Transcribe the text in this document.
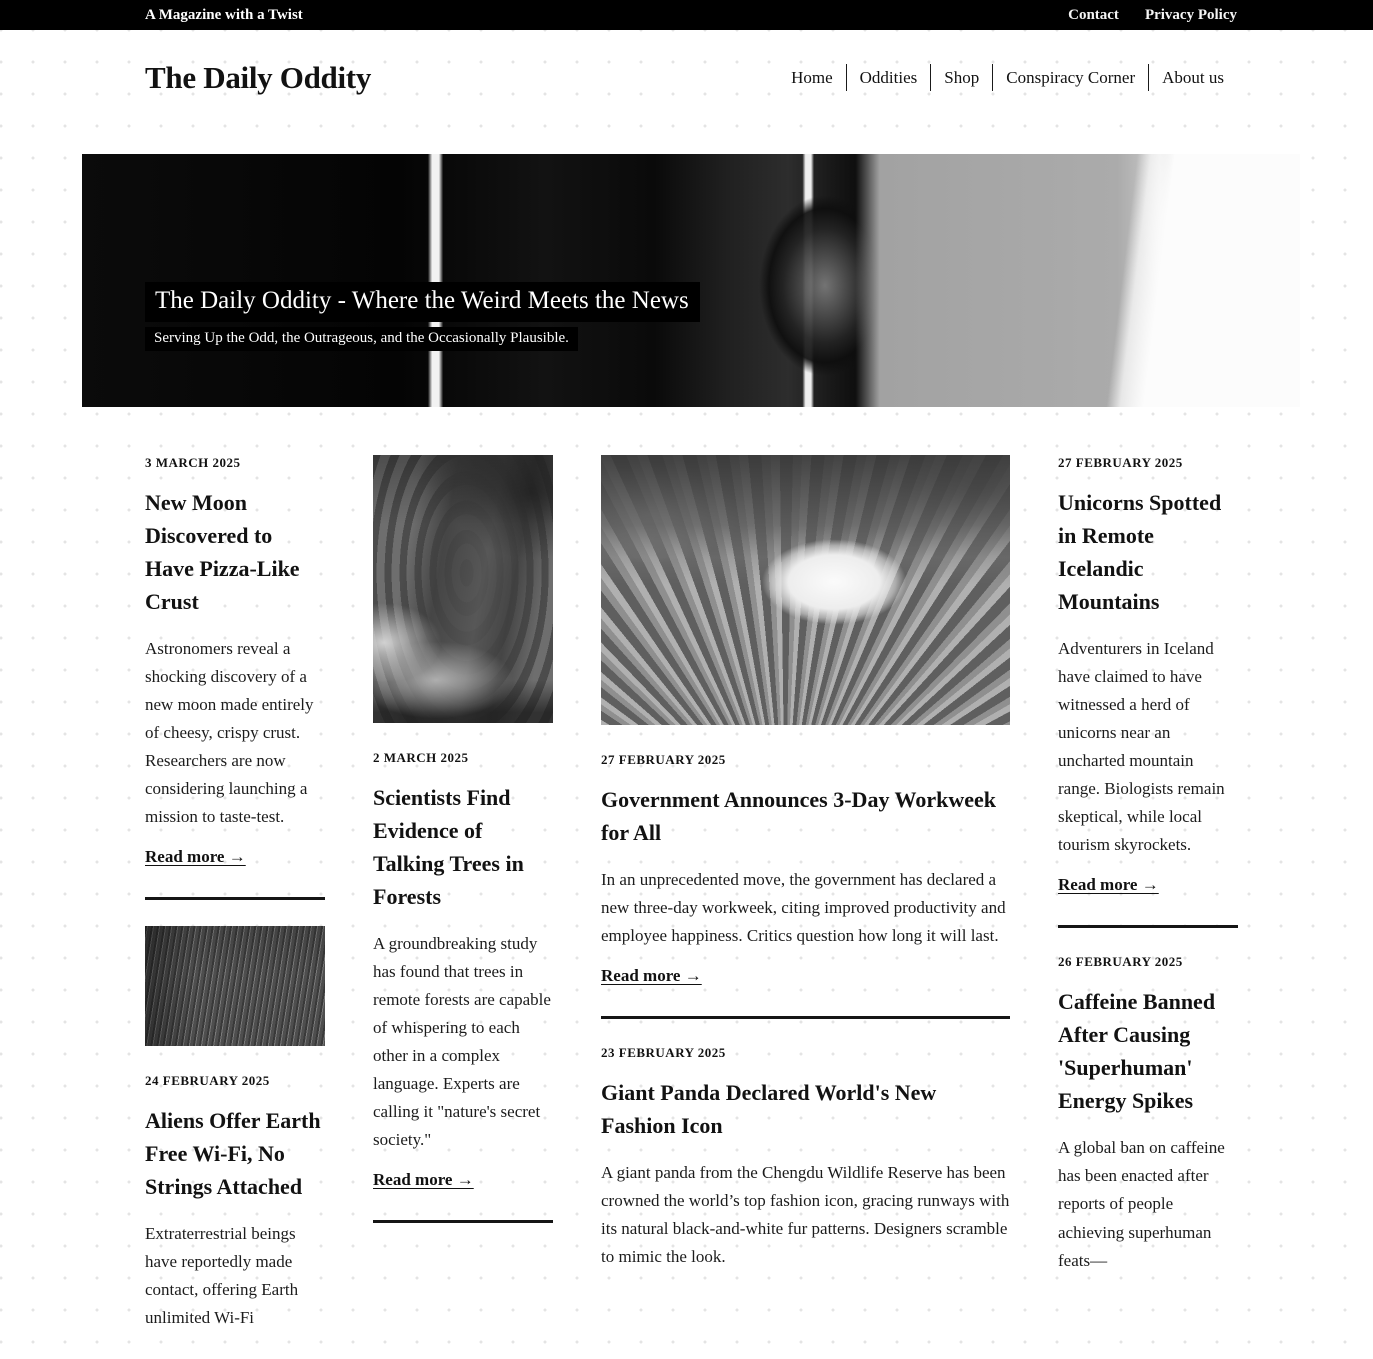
A Magazine with a Twist	Contact Privacy Policy
The Daily Oddity	Home	Oddities	Shop	Conspiracy Corner	About us
The Daily Oddity - Where the Weird Meets the News

Serving Up the Odd, the Outrageous, and the Occasionally Plausible.

3 MARCH 2025
New Moon Discovered to Have Pizza-Like Crust

Astronomers reveal a shocking discovery of a new moon made entirely of cheesy, crispy crust. Researchers are now considering launching a mission to taste-test.

Read more →
24 FEBRUARY 2025
Aliens Offer Earth Free Wi-Fi, No Strings Attached

Extraterrestrial beings have reportedly made contact, offering Earth unlimited Wi-Fi

2 MARCH 2025
Scientists Find Evidence of Talking Trees in Forests

A groundbreaking study has found that trees in remote forests are capable of whispering to each other in a complex language. Experts are calling it "nature's secret society."

Read more →
27 FEBRUARY 2025
Government Announces 3-Day Workweek for All

In an unprecedented move, the government has declared a new three-day workweek, citing improved productivity and employee happiness. Critics question how long it will last.

Read more →
23 FEBRUARY 2025
Giant Panda Declared World's New Fashion Icon

A giant panda from the Chengdu Wildlife Reserve has been crowned the world’s top fashion icon, gracing runways with its natural black-and-white fur patterns. Designers scramble to mimic the look.

27 FEBRUARY 2025
Unicorns Spotted in Remote Icelandic Mountains

Adventurers in Iceland have claimed to have witnessed a herd of unicorns near an uncharted mountain range. Biologists remain skeptical, while local tourism skyrockets.

Read more →
26 FEBRUARY 2025
Caffeine Banned After Causing 'Superhuman' Energy Spikes

A global ban on caffeine has been enacted after reports of people achieving superhuman feats—
